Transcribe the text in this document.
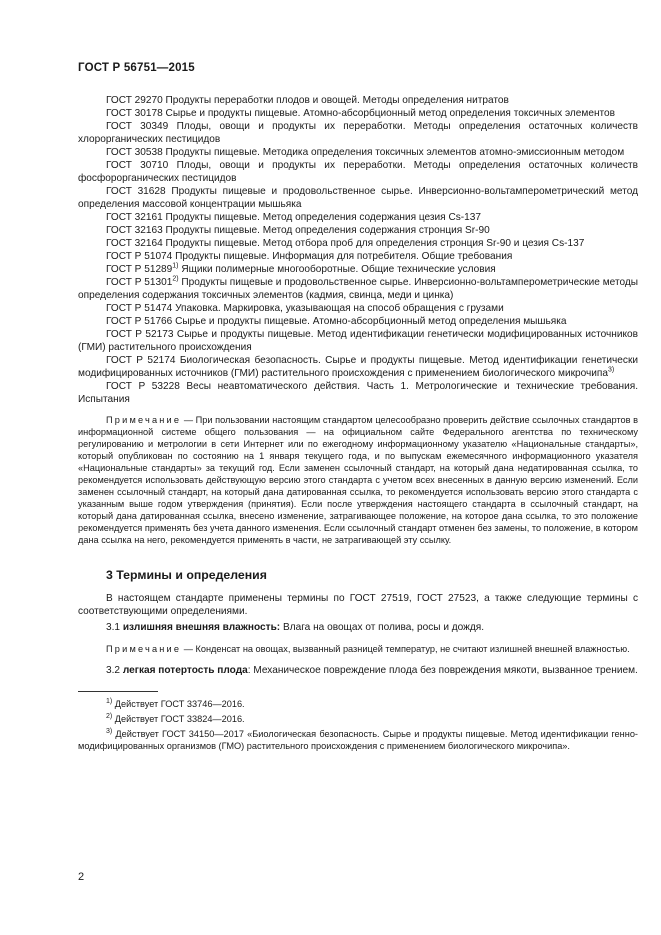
ГОСТ Р 56751—2015

ГОСТ 29270 Продукты переработки плодов и овощей. Методы определения нитратов

ГОСТ 30178 Сырье и продукты пищевые. Атомно-абсорбционный метод определения токсичных элементов

ГОСТ 30349 Плоды, овощи и продукты их переработки. Методы определения остаточных количеств хлорорганических пестицидов

ГОСТ 30538 Продукты пищевые. Методика определения токсичных элементов атомно-эмиссионным методом

ГОСТ 30710 Плоды, овощи и продукты их переработки. Методы определения остаточных количеств фосфорорганических пестицидов

ГОСТ 31628 Продукты пищевые и продовольственное сырье. Инверсионно-вольтамперометрический метод определения массовой концентрации мышьяка

ГОСТ 32161 Продукты пищевые. Метод определения содержания цезия Cs-137

ГОСТ 32163 Продукты пищевые. Метод определения содержания стронция Sr-90

ГОСТ 32164 Продукты пищевые. Метод отбора проб для определения стронция Sr-90 и цезия Cs-137

ГОСТ Р 51074 Продукты пищевые. Информация для потребителя. Общие требования

ГОСТ Р 51289$^{1)}$ Ящики полимерные многооборотные. Общие технические условия

ГОСТ Р 51301$^{2)}$ Продукты пищевые и продовольственное сырье. Инверсионно-вольтамперометрические методы определения содержания токсичных элементов (кадмия, свинца, меди и цинка)

ГОСТ Р 51474 Упаковка. Маркировка, указывающая на способ обращения с грузами

ГОСТ Р 51766 Сырье и продукты пищевые. Атомно-абсорбционный метод определения мышьяка

ГОСТ Р 52173 Сырье и продукты пищевые. Метод идентификации генетически модифицированных источников (ГМИ) растительного происхождения

ГОСТ Р 52174 Биологическая безопасность. Сырье и продукты пищевые. Метод идентификации генетически модифицированных источников (ГМИ) растительного происхождения с применением биологического микрочипа$^{3)}$

ГОСТ Р 53228 Весы неавтоматического действия. Часть 1. Метрологические и технические требования. Испытания

Примечание — При пользовании настоящим стандартом целесообразно проверить действие ссылочных стандартов в информационной системе общего пользования — на официальном сайте Федерального агентства по техническому регулированию и метрологии в сети Интернет или по ежегодному информационному указателю «Национальные стандарты», который опубликован по состоянию на 1 января текущего года, и по выпускам ежемесячного информационного указателя «Национальные стандарты» за текущий год. Если заменен ссылочный стандарт, на который дана недатированная ссылка, то рекомендуется использовать действующую версию этого стандарта с учетом всех внесенных в данную версию изменений. Если заменен ссылочный стандарт, на который дана датированная ссылка, то рекомендуется использовать версию этого стандарта с указанным выше годом утверждения (принятия). Если после утверждения настоящего стандарта в ссылочный стандарт, на который дана датированная ссылка, внесено изменение, затрагивающее положение, на которое дана ссылка, то это положение рекомендуется применять без учета данного изменения. Если ссылочный стандарт отменен без замены, то положение, в котором дана ссылка на него, рекомендуется применять в части, не затрагивающей эту ссылку.

3 Термины и определения

В настоящем стандарте применены термины по ГОСТ 27519, ГОСТ 27523, а также следующие термины с соответствующими определениями.

3.1 излишняя внешняя влажность: Влага на овощах от полива, росы и дождя.

Примечание — Конденсат на овощах, вызванный разницей температур, не считают излишней внешней влажностью.

3.2 легкая потертость плода: Механическое повреждение плода без повреждения мякоти, вызванное трением.

$^{1)}$ Действует ГОСТ 33746—2016.

$^{2)}$ Действует ГОСТ 33824—2016.

$^{3)}$ Действует ГОСТ 34150—2017 «Биологическая безопасность. Сырье и продукты пищевые. Метод идентификации генно-модифицированных организмов (ГМО) растительного происхождения с применением биологического микрочипа».

2
